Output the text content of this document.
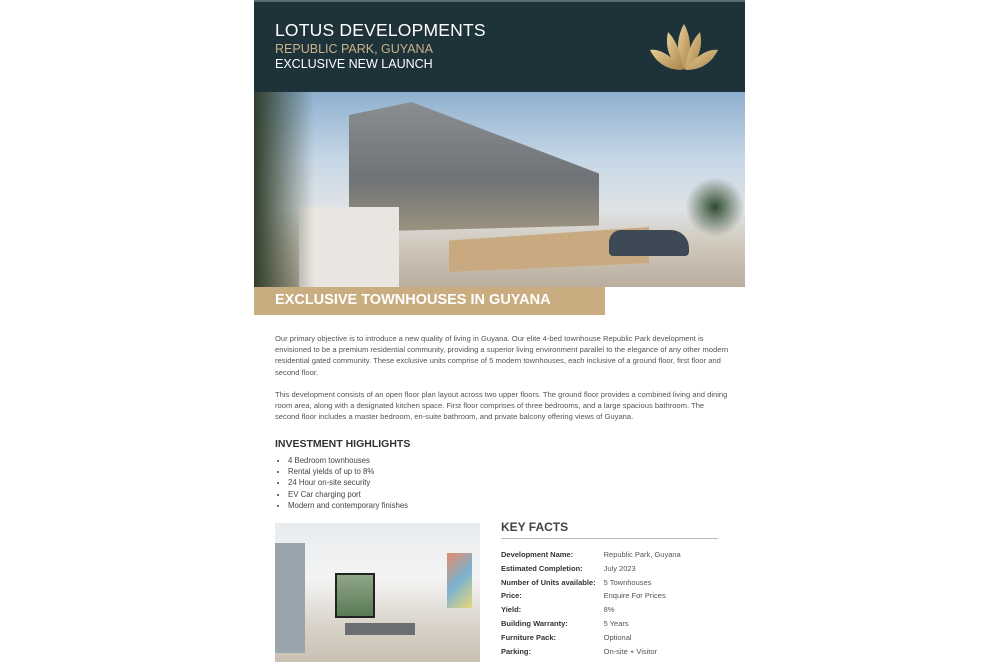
LOTUS DEVELOPMENTS
REPUBLIC PARK, GUYANA
EXCLUSIVE NEW LAUNCH
EXCLUSIVE TOWNHOUSES IN GUYANA

Our primary objective is to introduce a new quality of living in Guyana. Our elite 4-bed townhouse Republic Park development is envisioned to be a premium residential community, providing a superior living environment parallel to the elegance of any other modern residential gated community. These exclusive units comprise of 5 modern townhouses, each inclusive of a ground floor, first floor and second floor.

This development consists of an open floor plan layout across two upper floors. The ground floor provides a combined living and dining room area, along with a designated kitchen space. First floor comprises of three bedrooms, and a large spacious bathroom. The second floor includes a master bedroom, en-suite bathroom, and private balcony offering views of Guyana.

INVESTMENT HIGHLIGHTS
• 4 Bedroom townhouses
• Rental yields of up to 8%
• 24 Hour on-site security
• EV Car charging port
• Modern and contemporary finishes
KEY FACTS
Development Name:	Republic Park, Guyana
Estimated Completion:	July 2023
Number of Units available: 5 Townhouses
Price:	Enquire For Prices
Yield:	8%
Building Warranty:	5 Years
Furniture Pack:	Optional
Parking:	On-site + Visitor
